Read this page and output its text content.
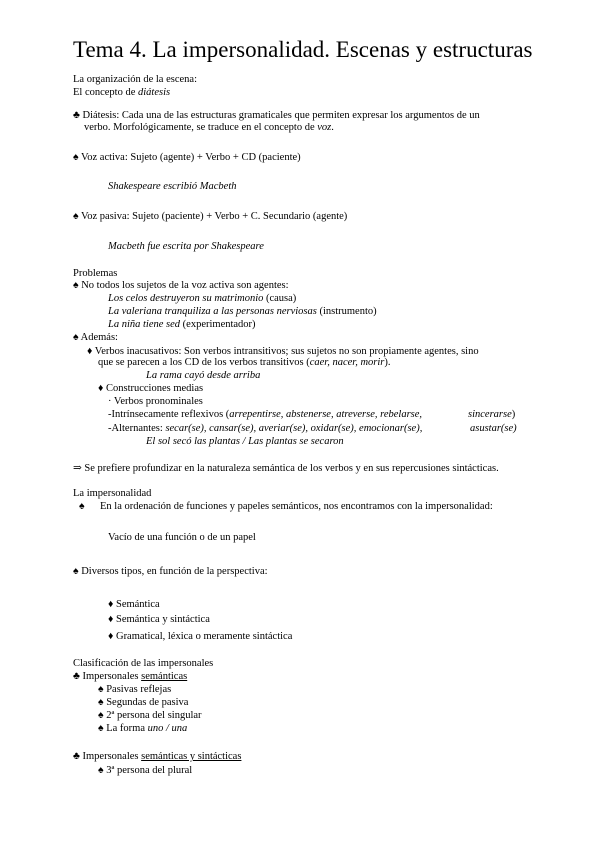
Tema 4. La impersonalidad. Escenas y estructuras
La organización de la escena:
El concepto de diátesis
♣ Diátesis: Cada una de las estructuras gramaticales que permiten expresar los argumentos de un
verbo. Morfológicamente, se traduce en el concepto de voz.
♠ Voz activa: Sujeto (agente) + Verbo + CD (paciente)
Shakespeare escribió Macbeth
♠ Voz pasiva: Sujeto (paciente) + Verbo + C. Secundario (agente)
Macbeth fue escrita por Shakespeare
Problemas
♠ No todos los sujetos de la voz activa son agentes:
Los celos destruyeron su matrimonio (causa)
La valeriana tranquiliza a las personas nerviosas (instrumento)
La niña tiene sed (experimentador)
♠ Además:
♦ Verbos inacusativos: Son verbos intransitivos; sus sujetos no son propiamente agentes, sino
que se parecen a los CD de los verbos transitivos (caer, nacer, morir).
La rama cayó desde arriba
♦ Construcciones medias
· Verbos pronominales
-Intrínsecamente reflexivos (arrepentirse, abstenerse, atreverse, rebelarse,	sincerarse)
-Alternantes: secar(se), cansar(se), averiar(se), oxidar(se), emocionar(se),	asustar(se)
El sol secó las plantas / Las plantas se secaron
⇒ Se prefiere profundizar en la naturaleza semántica de los verbos y en sus repercusiones sintácticas.
La impersonalidad
♠ En la ordenación de funciones y papeles semánticos, nos encontramos con la impersonalidad:
Vacío de una función o de un papel
♠ Diversos tipos, en función de la perspectiva:
♦ Semántica
♦ Semántica y sintáctica
♦ Gramatical, léxica o meramente sintáctica
Clasificación de las impersonales
♣ Impersonales semánticas
♠ Pasivas reflejas
♠ Segundas de pasiva
♠ 2ª persona del singular
♠ La forma uno / una
♣ Impersonales semánticas y sintácticas
♠ 3ª persona del plural
